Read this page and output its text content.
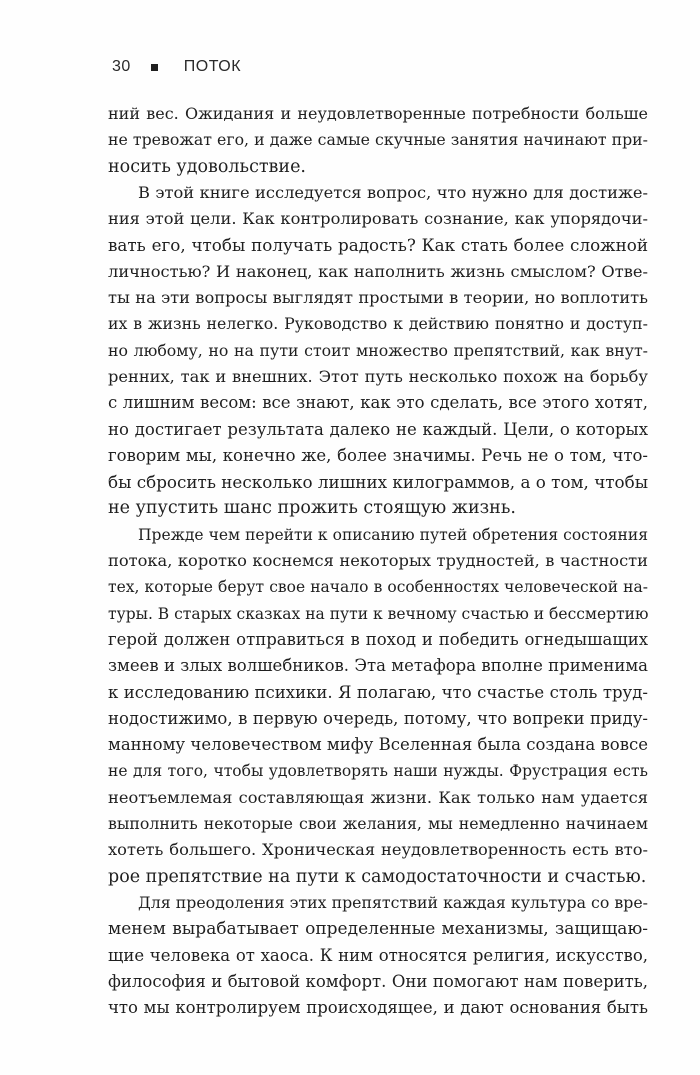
30	ПОТОК
ний вес. Ожидания и неудовлетворенные потребности больше
не тревожат его, и даже самые скучные занятия начинают при-
носить удовольствие.
В этой книге исследуется вопрос, что нужно для достиже-
ния этой цели. Как контролировать сознание, как упорядочи-
вать его, чтобы получать радость? Как стать более сложной
личностью? И наконец, как наполнить жизнь смыслом? Отве-
ты на эти вопросы выглядят простыми в теории, но воплотить
их в жизнь нелегко. Руководство к действию понятно и доступ-
но любому, но на пути стоит множество препятствий, как внут-
ренних, так и внешних. Этот путь несколько похож на борьбу
с лишним весом: все знают, как это сделать, все этого хотят,
но достигает результата далеко не каждый. Цели, о которых
говорим мы, конечно же, более значимы. Речь не о том, что-
бы сбросить несколько лишних килограммов, а о том, чтобы
не упустить шанс прожить стоящую жизнь.
Прежде чем перейти к описанию путей обретения состояния
потока, коротко коснемся некоторых трудностей, в частности
тех, которые берут свое начало в особенностях человеческой на-
туры. В старых сказках на пути к вечному счастью и бессмертию
герой должен отправиться в поход и победить огнедышащих
змеев и злых волшебников. Эта метафора вполне применима
к исследованию психики. Я полагаю, что счастье столь труд-
нодостижимо, в первую очередь, потому, что вопреки приду-
манному человечеством мифу Вселенная была создана вовсе
не для того, чтобы удовлетворять наши нужды. Фрустрация есть
неотъемлемая составляющая жизни. Как только нам удается
выполнить некоторые свои желания, мы немедленно начинаем
хотеть большего. Хроническая неудовлетворенность есть вто-
рое препятствие на пути к самодостаточности и счастью.
Для преодоления этих препятствий каждая культура со вре-
менем вырабатывает определенные механизмы, защищаю-
щие человека от хаоса. К ним относятся религия, искусство,
философия и бытовой комфорт. Они помогают нам поверить,
что мы контролируем происходящее, и дают основания быть
